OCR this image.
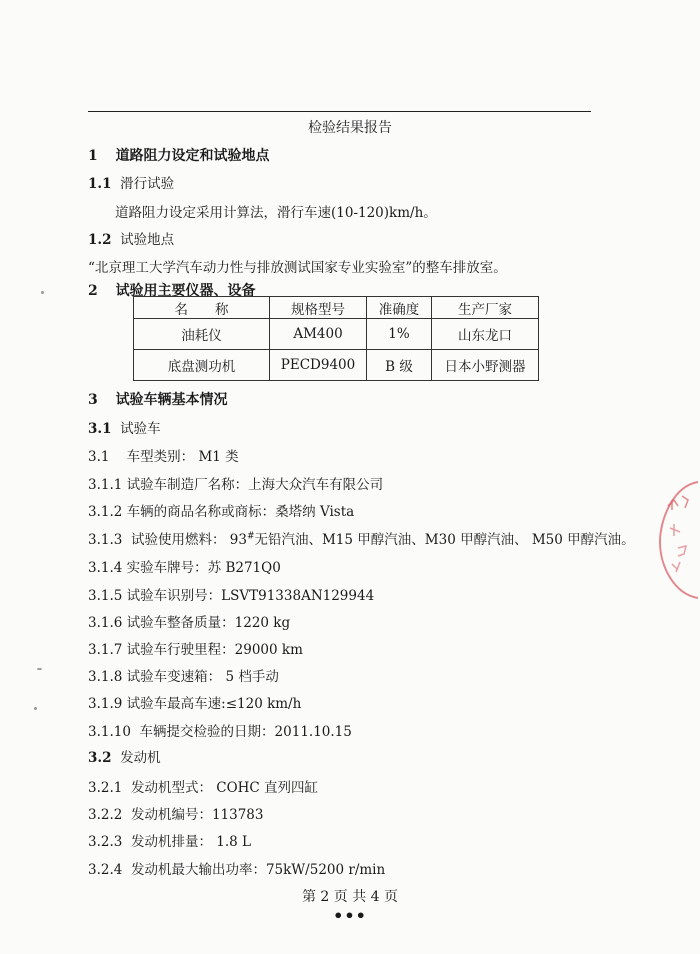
检验结果报告
1 道路阻力设定和试验地点
1.1 滑行试验
道路阻力设定采用计算法，滑行车速(10-120)km/h。
1.2 试验地点
“北京理工大学汽车动力性与排放测试国家专业实验室”的整车排放室。
2 试验用主要仪器、设备
名　　称	规格型号	准确度	生产厂家
油耗仪	AM400	1%	山东龙口
底盘测功机	PECD9400	B 级	日本小野测器
3 试验车辆基本情况
3.1 试验车
3.1 车型类别： M1 类
3.1.1 试验车制造厂名称：上海大众汽车有限公司
3.1.2 车辆的商品名称或商标：桑塔纳 Vista
3.1.3 试验使用燃料： 93#无铅汽油、M15 甲醇汽油、M30 甲醇汽油、 M50 甲醇汽油。
3.1.4 实验车牌号：苏 B271Q0
3.1.5 试验车识别号：LSVT91338AN129944
3.1.6 试验车整备质量：1220 kg
3.1.7 试验车行驶里程：29000 km
3.1.8 试验车变速箱： 5 档手动
3.1.9 试验车最高车速:≤120 km/h
3.1.10 车辆提交检验的日期：2011.10.15
3.2 发动机
3.2.1 发动机型式： COHC 直列四缸
3.2.2 发动机编号：113783
3.2.3 发动机排量： 1.8 L
3.2.4 发动机最大输出功率：75kW/5200 r/min
第 2 页 共 4 页
•••
